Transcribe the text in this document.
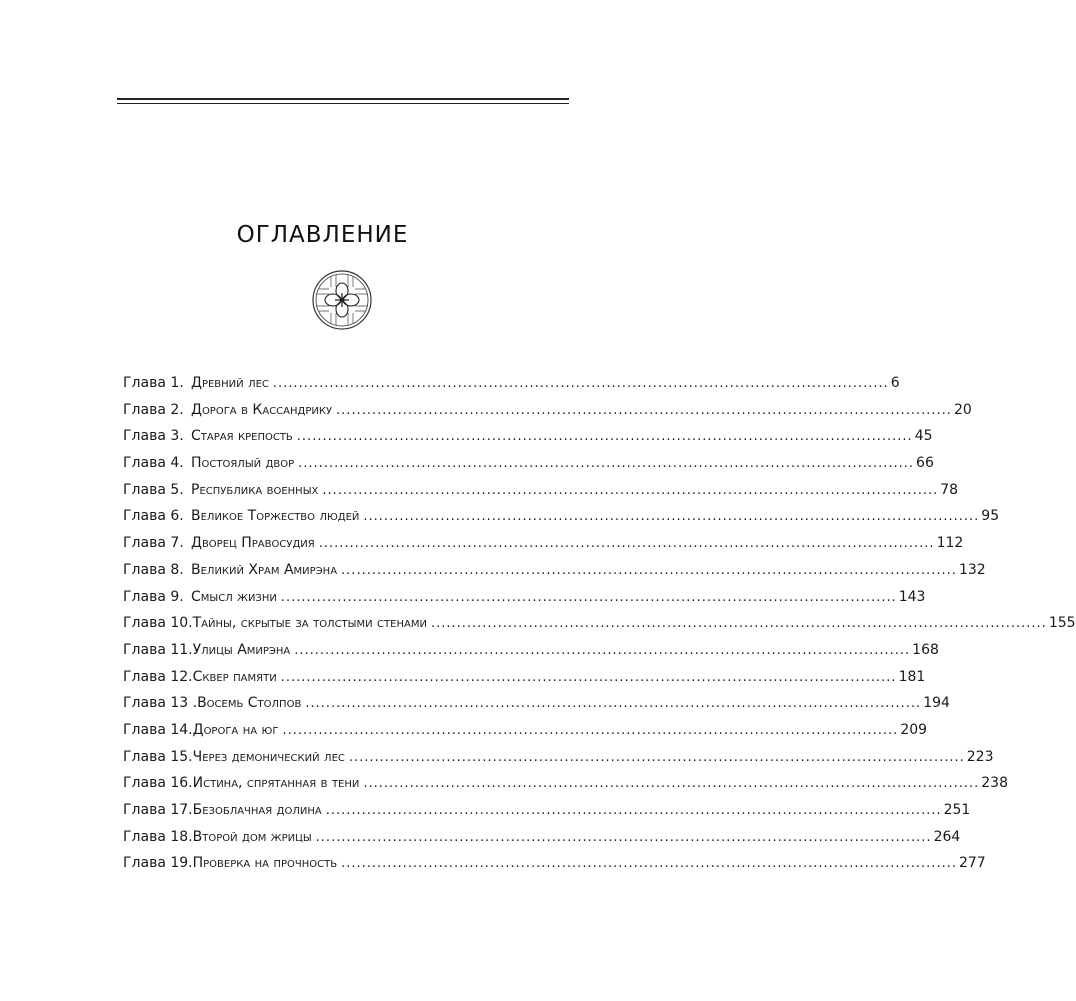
ОГЛАВЛЕНИЕ
Глава 1. Древний лес ........................................................................................................................ 6
Глава 2. Дорога в Кассандрику ........................................................................................................................ 20
Глава 3. Старая крепость ........................................................................................................................ 45
Глава 4. Постоялый двор ........................................................................................................................ 66
Глава 5. Республика военных ........................................................................................................................ 78
Глава 6. Великое Торжество людей ........................................................................................................................ 95
Глава 7. Дворец Правосудия ........................................................................................................................ 112
Глава 8. Великий Храм Амирэна ........................................................................................................................ 132
Глава 9. Смысл жизни ........................................................................................................................ 143
Глава 10. Тайны, скрытые за толстыми стенами ........................................................................................................................ 155
Глава 11. Улицы Амирэна ........................................................................................................................ 168
Глава 12. Сквер памяти ........................................................................................................................ 181
Глава 13 . Восемь Столпов ........................................................................................................................ 194
Глава 14. Дорога на юг ........................................................................................................................ 209
Глава 15. Через демонический лес ........................................................................................................................ 223
Глава 16. Истина, спрятанная в тени ........................................................................................................................ 238
Глава 17. Безоблачная долина ........................................................................................................................ 251
Глава 18. Второй дом жрицы ........................................................................................................................ 264
Глава 19. Проверка на прочность ........................................................................................................................ 277
